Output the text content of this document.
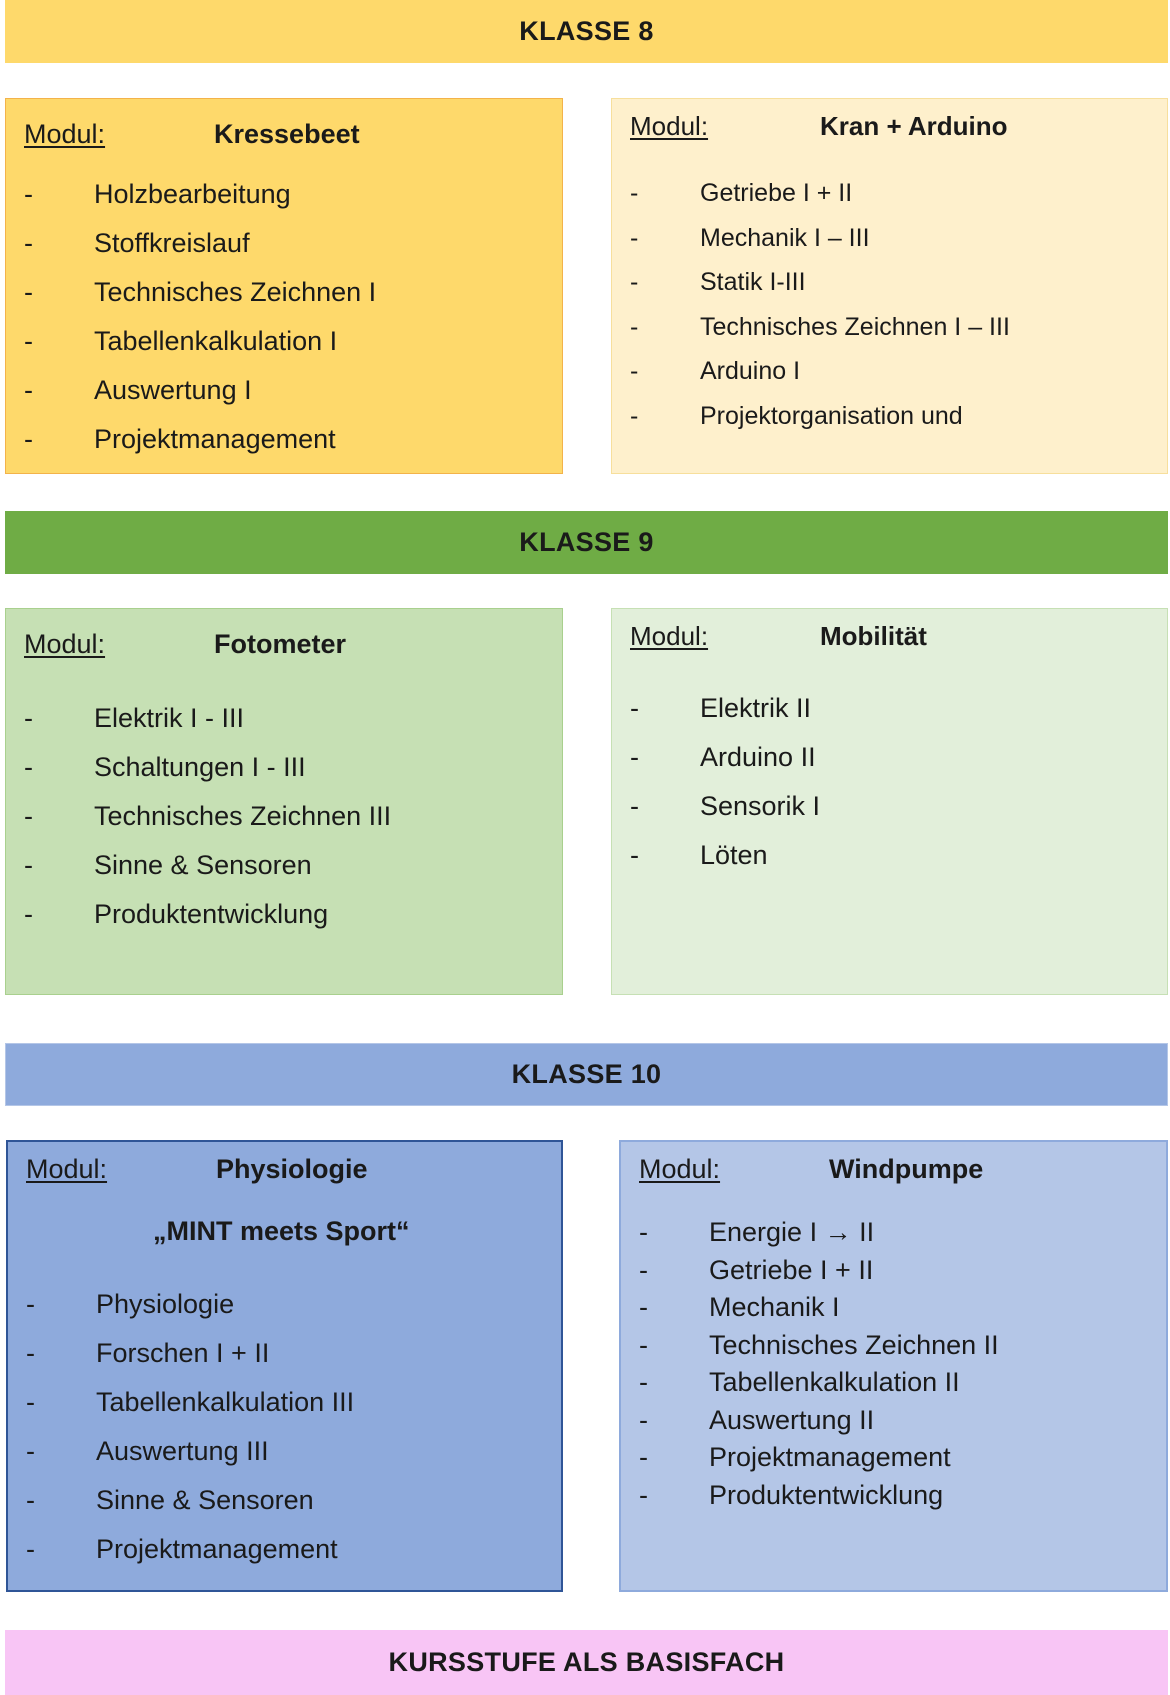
KLASSE 8
Modul:	Kressebeet
- Holzbearbeitung
- Stoffkreislauf
- Technisches Zeichnen I
- Tabellenkalkulation I
- Auswertung I
- Projektmanagement
Modul:	Kran + Arduino
- Getriebe I + II
- Mechanik I – III
- Statik I-III
- Technisches Zeichnen I – III
- Arduino I
- Projektorganisation und
KLASSE 9
Modul:	Fotometer
- Elektrik I - III
- Schaltungen I - III
- Technisches Zeichnen III
- Sinne & Sensoren
- Produktentwicklung
Modul:	Mobilität
- Elektrik II
- Arduino II
- Sensorik I
- Löten
KLASSE 10
Modul:	Physiologie
„MINT meets Sport“
- Physiologie
- Forschen I + II
- Tabellenkalkulation III
- Auswertung III
- Sinne & Sensoren
- Projektmanagement
Modul:	Windpumpe
- Energie I → II
- Getriebe I + II
- Mechanik I
- Technisches Zeichnen II
- Tabellenkalkulation II
- Auswertung II
- Projektmanagement
- Produktentwicklung
KURSSTUFE ALS BASISFACH
